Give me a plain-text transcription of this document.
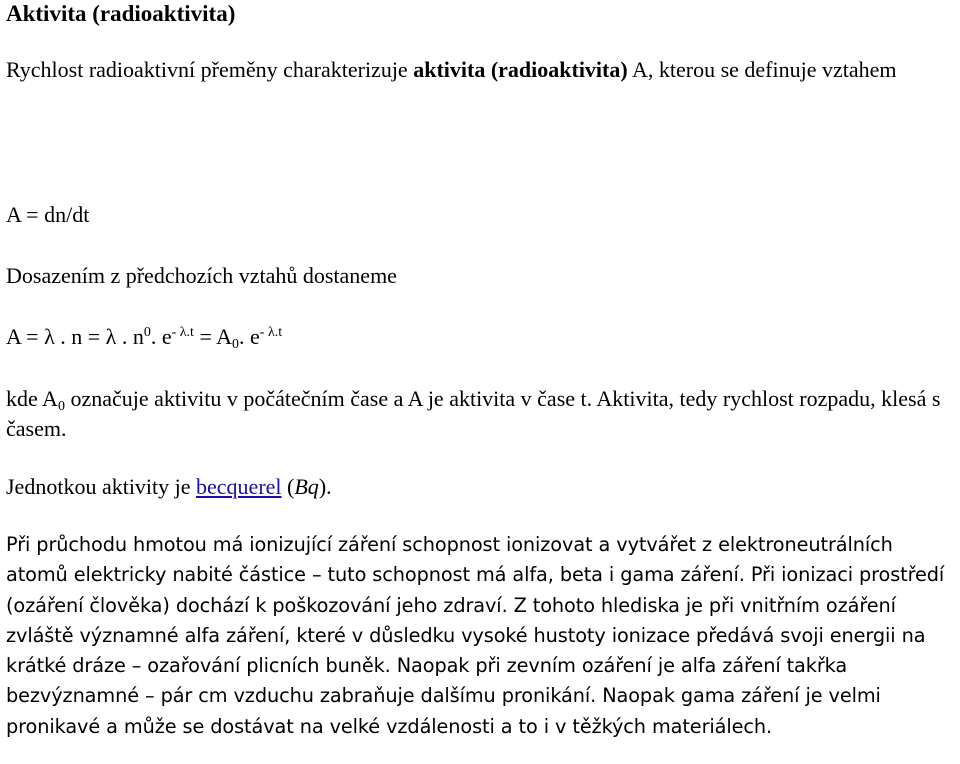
Aktivita (radioaktivita)

Rychlost radioaktivní přeměny charakterizuje aktivita (radioaktivita) A, kterou se definuje vztahem

A = dn/dt

Dosazením z předchozích vztahů dostaneme

A = λ . n = λ . $n^0$. $e^{- \lambda.t} = A_0$. $e^{- \lambda.t}$

kde $A_0$ označuje aktivitu v počátečním čase a A je aktivita v čase t. Aktivita, tedy rychlost rozpadu, klesá s časem.

Jednotkou aktivity je becquerel (Bq).

Při průchodu hmotou má ionizující záření schopnost ionizovat a vytvářet z elektroneutrálních atomů elektricky nabité částice – tuto schopnost má alfa, beta i gama záření. Při ionizaci prostředí (ozáření člověka) dochází k poškozování jeho zdraví. Z tohoto hlediska je při vnitřním ozáření zvláště významné alfa záření, které v důsledku vysoké hustoty ionizace předává svoji energii na krátké dráze – ozařování plicních buněk. Naopak při zevním ozáření je alfa záření takřka bezvýznamné – pár cm vzduchu zabraňuje dalšímu pronikání. Naopak gama záření je velmi pronikavé a může se dostávat na velké vzdálenosti a to i v těžkých materiálech.
